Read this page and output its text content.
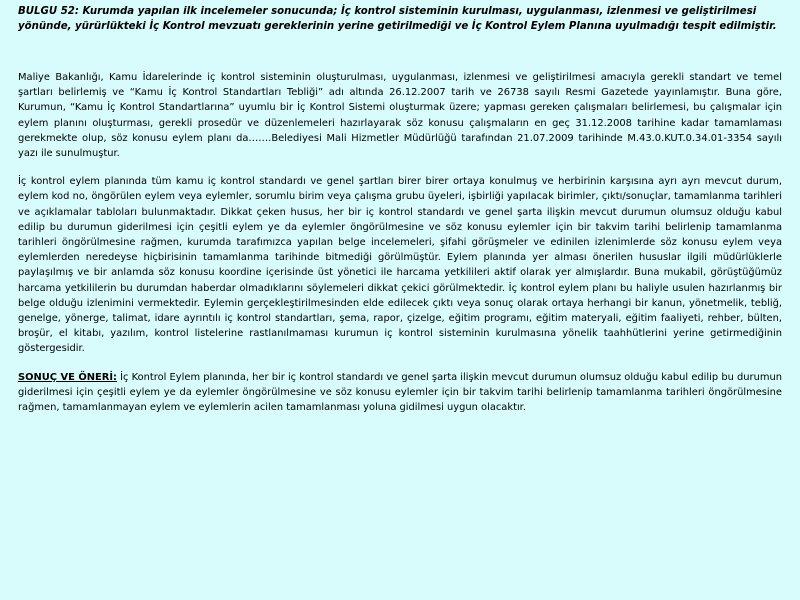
BULGU 52: Kurumda yapılan ilk incelemeler sonucunda; İç kontrol sisteminin kurulması, uygulanması, izlenmesi ve geliştirilmesi yönünde, yürürlükteki İç Kontrol mevzuatı gereklerinin yerine getirilmediği ve İç Kontrol Eylem Planına uyulmadığı tespit edilmiştir.

Maliye Bakanlığı, Kamu İdarelerinde iç kontrol sisteminin oluşturulması, uygulanması, izlenmesi ve geliştirilmesi amacıyla gerekli standart ve temel şartları belirlemiş ve “Kamu İç Kontrol Standartları Tebliği” adı altında 26.12.2007 tarih ve 26738 sayılı Resmi Gazetede yayınlamıştır. Buna göre, Kurumun, “Kamu İç Kontrol Standartlarına” uyumlu bir İç Kontrol Sistemi oluşturmak üzere; yapması gereken çalışmaları belirlemesi, bu çalışmalar için eylem planını oluşturması, gerekli prosedür ve düzenlemeleri hazırlayarak söz konusu çalışmaların en geç 31.12.2008 tarihine kadar tamamlaması gerekmekte olup, söz konusu eylem planı da…….Belediyesi Mali Hizmetler Müdürlüğü tarafından 21.07.2009 tarihinde M.43.0.KUT.0.34.01-3354 sayılı yazı ile sunulmuştur.

İç kontrol eylem planında tüm kamu iç kontrol standardı ve genel şartları birer birer ortaya konulmuş ve herbirinin karşısına ayrı ayrı mevcut durum, eylem kod no, öngörülen eylem veya eylemler, sorumlu birim veya çalışma grubu üyeleri, işbirliği yapılacak birimler, çıktı/sonuçlar, tamamlanma tarihleri ve açıklamalar tabloları bulunmaktadır. Dikkat çeken husus, her bir iç kontrol standardı ve genel şarta ilişkin mevcut durumun olumsuz olduğu kabul edilip bu durumun giderilmesi için çeşitli eylem ye da eylemler öngörülmesine ve söz konusu eylemler için bir takvim tarihi belirlenip tamamlanma tarihleri öngörülmesine rağmen, kurumda tarafımızca yapılan belge incelemeleri, şifahi görüşmeler ve edinilen izlenimlerde söz konusu eylem veya eylemlerden neredeyse hiçbirisinin tamamlanma tarihinde bitmediği görülmüştür. Eylem planında yer alması önerilen hususlar ilgili müdürlüklerle paylaşılmış ve bir anlamda söz konusu koordine içerisinde üst yönetici ile harcama yetkilileri aktif olarak yer almışlardır. Buna mukabil, görüştüğümüz harcama yetkililerin bu durumdan haberdar olmadıklarını söylemeleri dikkat çekici görülmektedir. İç kontrol eylem planı bu haliyle usulen hazırlanmış bir belge olduğu izlenimini vermektedir. Eylemin gerçekleştirilmesinden elde edilecek çıktı veya sonuç olarak ortaya herhangi bir kanun, yönetmelik, tebliğ, genelge, yönerge, talimat, idare ayrıntılı iç kontrol standartları, şema, rapor, çizelge, eğitim programı, eğitim materyali, eğitim faaliyeti, rehber, bülten, broşür, el kitabı, yazılım, kontrol listelerine rastlanılmaması kurumun iç kontrol sisteminin kurulmasına yönelik taahhütlerini yerine getirmediğinin göstergesidir.

SONUÇ VE ÖNERİ: İç Kontrol Eylem planında, her bir iç kontrol standardı ve genel şarta ilişkin mevcut durumun olumsuz olduğu kabul edilip bu durumun giderilmesi için çeşitli eylem ye da eylemler öngörülmesine ve söz konusu eylemler için bir takvim tarihi belirlenip tamamlanma tarihleri öngörülmesine rağmen, tamamlanmayan eylem ve eylemlerin acilen tamamlanması yoluna gidilmesi uygun olacaktır.
